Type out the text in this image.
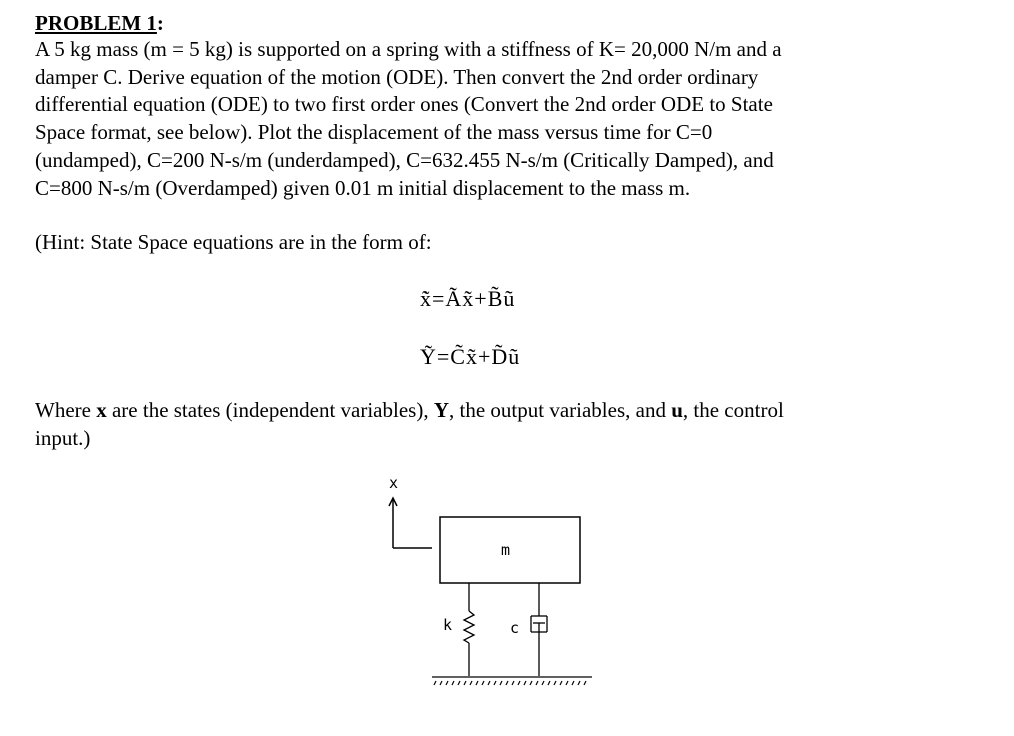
PROBLEM 1:

A 5 kg mass (m = 5 kg) is supported on a spring with a stiffness of K= 20,000 N/m and a
damper C. Derive equation of the motion (ODE). Then convert the 2nd order ordinary
differential equation (ODE) to two first order ones (Convert the 2nd order ODE to State
Space format, see below). Plot the displacement of the mass versus time for C=0
(undamped), C=200 N-s/m (underdamped), C=632.455 N-s/m (Critically Damped), and
C=800 N-s/m (Overdamped) given 0.01 m initial displacement to the mass m.

(Hint: State Space equations are in the form of:

x̃̇=Ãx̃+B̃ũ
Ỹ=C̃x̃+D̃ũ
Where x are the states (independent variables), Y, the output variables, and u, the control
input.)
x
m
k	c
